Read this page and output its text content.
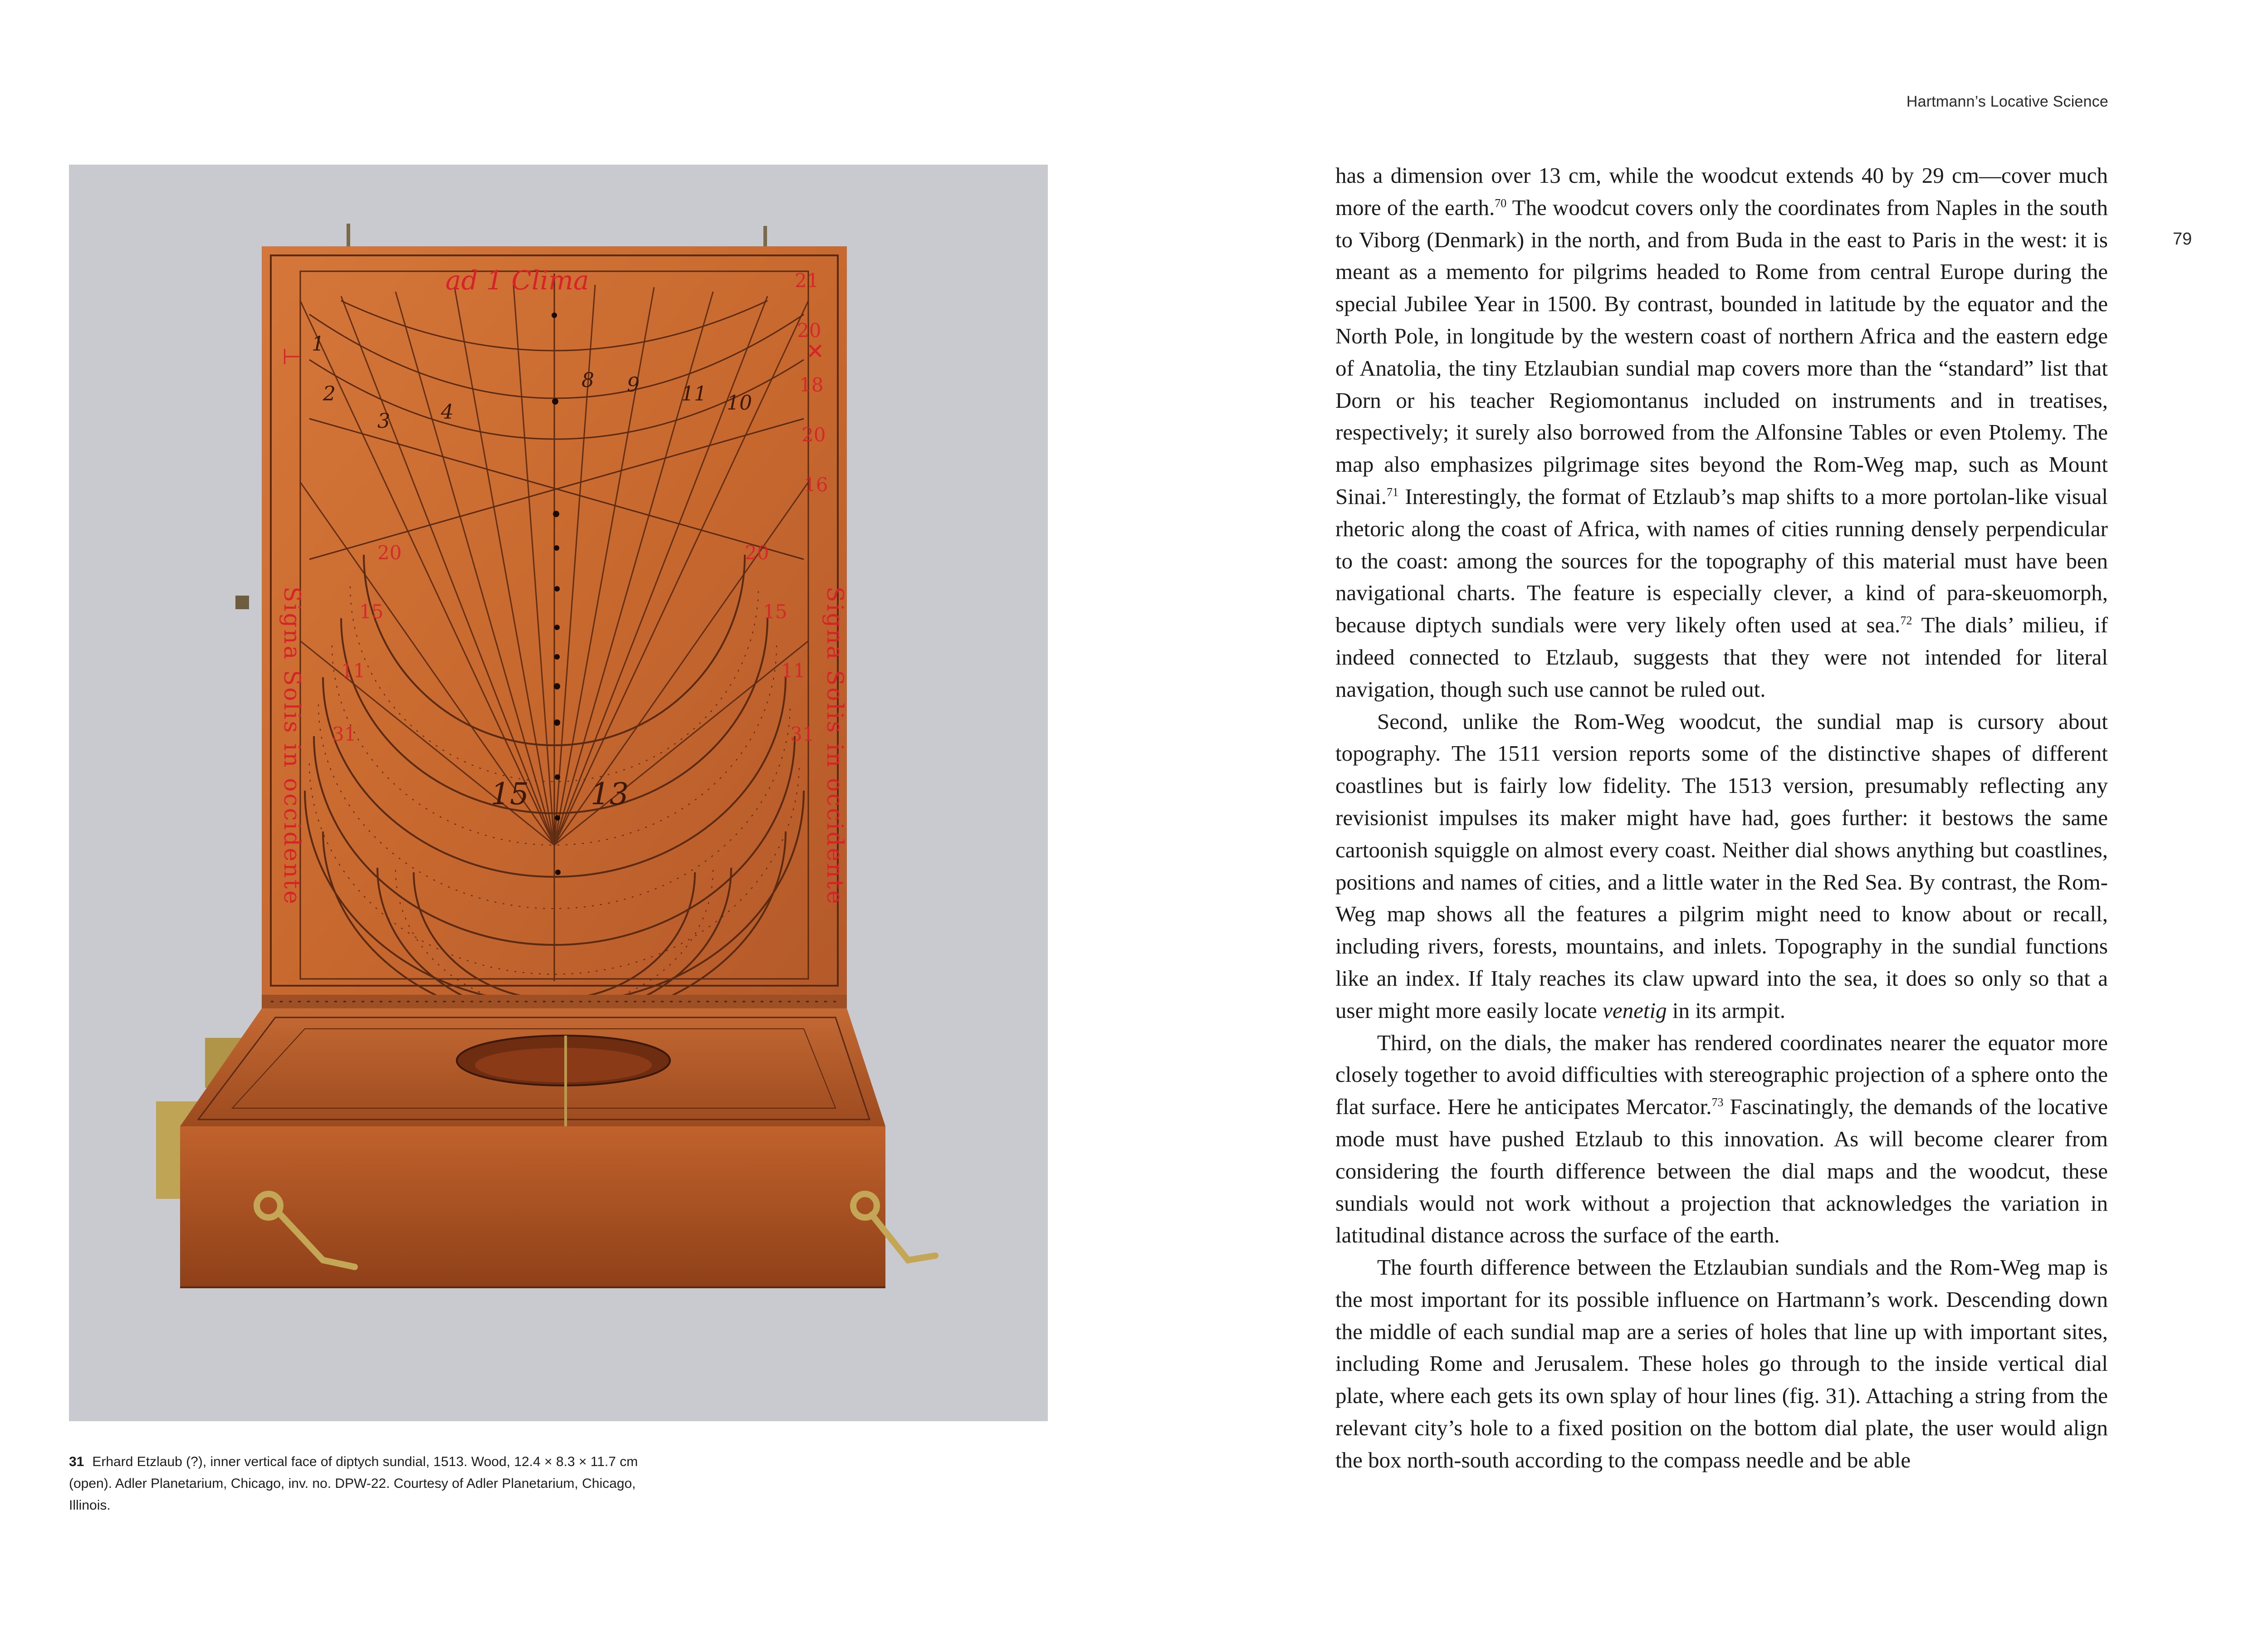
Hartmann’s Locative Science
79
20
15
11
31
20
15
11
31
21
20
18
20
16
✕
⊢
1
2
3	4	10
11
9
8
ad 1 Clima
15 13
Signa Solis in occidente	Signa Solis in occidente

31 Erhard Etzlaub (?), inner vertical face of diptych sundial, 1513. Wood, 12.4 × 8.3 × 11.7 cm (open). Adler Planetarium, Chicago, inv. no. DPW-22. Courtesy of Adler Planetarium, Chicago, Illinois.

has a dimension over 13 cm, while the woodcut extends 40 by 29 cm—cover much more of the earth.$^{70}$ The woodcut covers only the coordinates from Naples in the south to Viborg (Denmark) in the north, and from Buda in the east to Paris in the west: it is meant as a memento for pilgrims headed to Rome from central Europe during the special Jubilee Year in 1500. By contrast, bounded in latitude by the equator and the North Pole, in longitude by the western coast of northern Africa and the eastern edge of Anatolia, the tiny Etzlaubian sundial map covers more than the “standard” list that Dorn or his teacher Regiomontanus included on instruments and in treatises, respectively; it surely also borrowed from the Alfonsine Tables or even Ptolemy. The map also emphasizes pilgrimage sites beyond the Rom-Weg map, such as Mount Sinai.$^{71}$ Interestingly, the format of Etzlaub’s map shifts to a more portolan-like visual rhetoric along the coast of Africa, with names of cities running densely perpendicular to the coast: among the sources for the topography of this material must have been navigational charts. The feature is especially clever, a kind of para-skeuomorph, because diptych sundials were very likely often used at sea.$^{72}$ The dials’ milieu, if indeed connected to Etzlaub, suggests that they were not intended for literal navigation, though such use cannot be ruled out.

Second, unlike the Rom-Weg woodcut, the sundial map is cursory about topography. The 1511 version reports some of the distinctive shapes of different coastlines but is fairly low fidelity. The 1513 version, presumably reflecting any revisionist impulses its maker might have had, goes further: it bestows the same cartoonish squiggle on almost every coast. Neither dial shows anything but coastlines, positions and names of cities, and a little water in the Red Sea. By contrast, the Rom-Weg map shows all the features a pilgrim might need to know about or recall, including rivers, forests, mountains, and inlets. Topography in the sundial functions like an index. If Italy reaches its claw upward into the sea, it does so only so that a user might more easily locate venetig in its armpit.

Third, on the dials, the maker has rendered coordinates nearer the equator more closely together to avoid difficulties with stereographic projection of a sphere onto the flat surface. Here he anticipates Mercator.$^{73}$ Fascinatingly, the demands of the locative mode must have pushed Etzlaub to this innovation. As will become clearer from considering the fourth difference between the dial maps and the woodcut, these sundials would not work without a projection that acknowledges the variation in latitudinal distance across the surface of the earth.

The fourth difference between the Etzlaubian sundials and the Rom-Weg map is the most important for its possible influence on Hartmann’s work. Descending down the middle of each sundial map are a series of holes that line up with important sites, including Rome and Jerusalem. These holes go through to the inside vertical dial plate, where each gets its own splay of hour lines (fig. 31). Attaching a string from the relevant city’s hole to a fixed position on the bottom dial plate, the user would align the box north-south according to the compass needle and be able
